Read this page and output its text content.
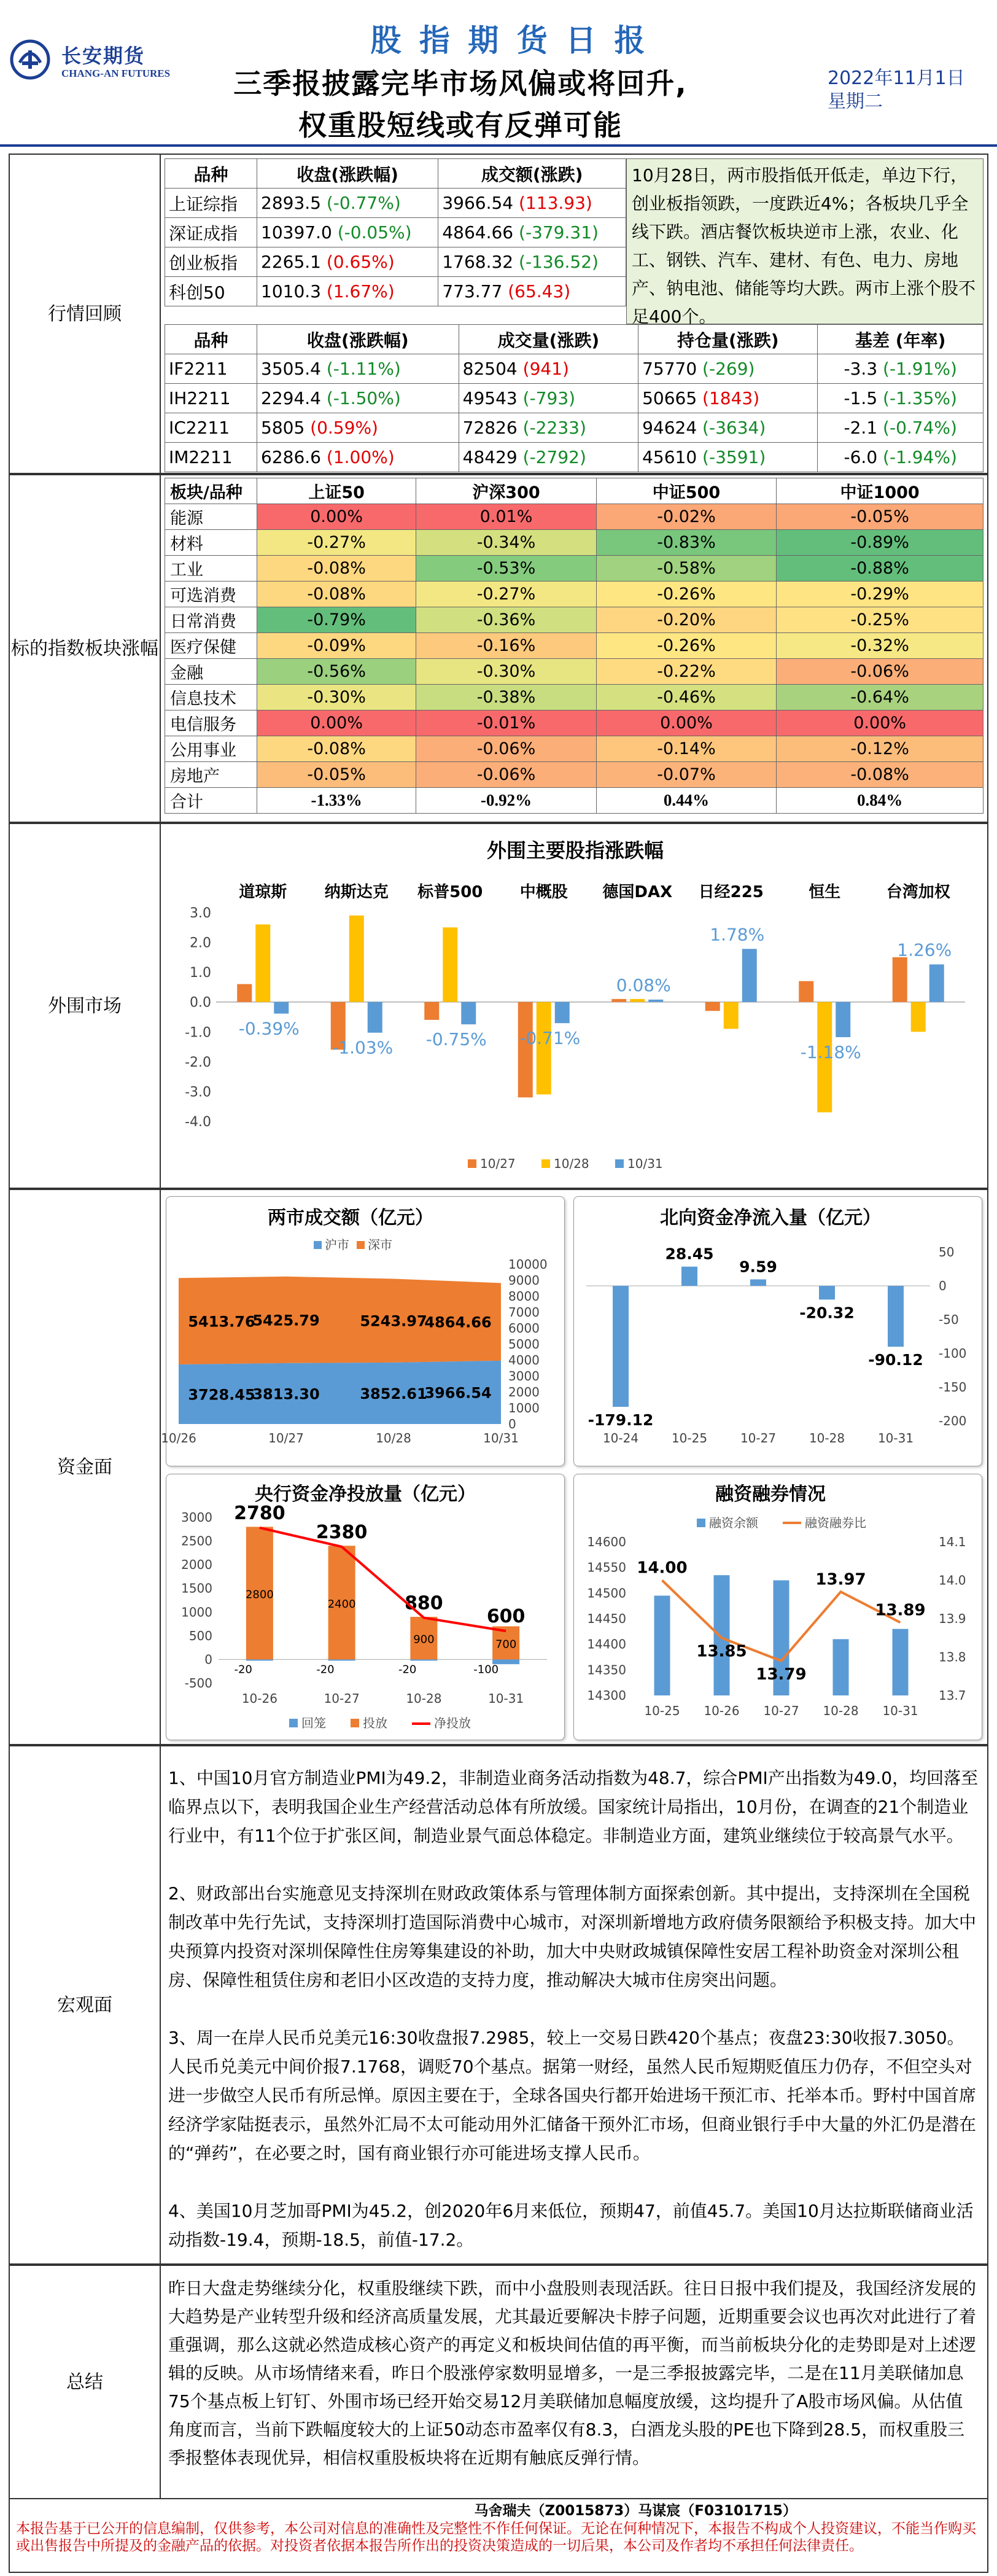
长安期货
CHANG-AN FUTURES
股 指 期 货 日 报
三季报披露完毕市场风偏或将回升,
权重股短线或有反弹可能
2022年11月1日
星期二
行情回顾
品种	收盘(涨跌幅)	成交额(涨跌)
上证综指	2893.5 (-0.77%)	3966.54 (113.93)
深证成指	10397.0 (-0.05%)	4864.66 (-379.31)
创业板指	2265.1 (0.65%)	1768.32 (-136.52)
科创50	1010.3 (1.67%)	773.77 (65.43)
10月28日，两市股指低开低走，单边下行，创业板指领跌，一度跌近4%；各板块几乎全线下跌。酒店餐饮板块逆市上涨，农业、化工、钢铁、汽车、建材、有色、电力、房地产、钠电池、储能等均大跌。两市上涨个股不足400个。
品种	收盘(涨跌幅)	成交量(涨跌)	持仓量(涨跌)	基差 (年率)
IF2211	3505.4 (-1.11%)	82504 (941)	75770 (-269)	-3.3 (-1.91%)
IH2211	2294.4 (-1.50%)	49543 (-793)	50665 (1843)	-1.5 (-1.35%)
IC2211	5805 (0.59%)	72826 (-2233)	94624 (-3634)	-2.1 (-0.74%)
IM2211	6286.6 (1.00%)	48429 (-2792)	45610 (-3591)	-6.0 (-1.94%)
标的指数板块涨幅
板块/品种	上证50	沪深300	中证500	中证1000
能源	0.00%	0.01%	-0.02%	-0.05%
材料	-0.27%	-0.34%	-0.83%	-0.89%
工业	-0.08%	-0.53%	-0.58%	-0.88%
可选消费	-0.08%	-0.27%	-0.26%	-0.29%
日常消费	-0.79%	-0.36%	-0.20%	-0.25%
医疗保健	-0.09%	-0.16%	-0.26%	-0.32%
金融	-0.56%	-0.30%	-0.22%	-0.06%
信息技术	-0.30%	-0.38%	-0.46%	-0.64%
电信服务	0.00%	-0.01%	0.00%	0.00%
公用事业	-0.08%	-0.06%	-0.14%	-0.12%
房地产	-0.05%	-0.06%	-0.07%	-0.08%
合计	-1.33%	-0.92%	0.44%	0.84%
外围市场
外围主要股指涨跌幅
3.0
2.0
1.0
0.0
-1.0
-2.0
-3.0
-4.0
道琼斯
-0.39%
纳斯达克
-1.03%
标普500
-0.75%
中概股
-0.71%
德国DAX
0.08%
日经225
1.78%
恒生
-1.18%
台湾加权
1.26%
10/27	10/28	10/31
资金面
两市成交额（亿元）
沪市 深市
10000
9000
8000
7000
6000
5000
4000
3000
2000
1000
0
5413.76
3728.45
10/26
5425.79
3813.30
10/27
5243.97
3852.61
10/28
4864.66
3966.54
10/31
北向资金净流入量（亿元）
50
0
-50
-100
-150
-200
-179.12
10-24
28.45
10-25
9.59
10-27
-20.32
10-28
-90.12
10-31
央行资金净投放量（亿元）
3000
2500
2000
1500
1000
500
0
-500
2800
-20
10-26
2780
2400
-20
10-27
2380
900
-20
10-28
880
700
-100
10-31
600
回笼	投放	净投放
融资融券情况
融资余额	融资融券比
14600
14550
14500
14450
14400
14350
14300
14.1
14.0
13.9
13.8
13.7
10-25 10-26 10-27 10-28 10-31
14.00
13.85
13.79
13.97
13.89
宏观面

1、中国10月官方制造业PMI为49.2，非制造业商务活动指数为48.7，综合PMI产出指数为49.0，均回落至临界点以下，表明我国企业生产经营活动总体有所放缓。国家统计局指出，10月份，在调查的21个制造业行业中，有11个位于扩张区间，制造业景气面总体稳定。非制造业方面，建筑业继续位于较高景气水平。

2、财政部出台实施意见支持深圳在财政政策体系与管理体制方面探索创新。其中提出，支持深圳在全国税制改革中先行先试，支持深圳打造国际消费中心城市，对深圳新增地方政府债务限额给予积极支持。加大中央预算内投资对深圳保障性住房筹集建设的补助，加大中央财政城镇保障性安居工程补助资金对深圳公租房、保障性租赁住房和老旧小区改造的支持力度，推动解决大城市住房突出问题。

3、周一在岸人民币兑美元16:30收盘报7.2985，较上一交易日跌420个基点；夜盘23:30收报7.3050。人民币兑美元中间价报7.1768，调贬70个基点。据第一财经，虽然人民币短期贬值压力仍存，不但空头对进一步做空人民币有所忌惮。原因主要在于，全球各国央行都开始进场干预汇市、托举本币。野村中国首席经济学家陆挺表示，虽然外汇局不太可能动用外汇储备干预外汇市场，但商业银行手中大量的外汇仍是潜在的“弹药”，在必要之时，国有商业银行亦可能进场支撑人民币。

4、美国10月芝加哥PMI为45.2，创2020年6月来低位，预期47，前值45.7。美国10月达拉斯联储商业活动指数-19.4，预期-18.5，前值-17.2。

总结
昨日大盘走势继续分化，权重股继续下跌，而中小盘股则表现活跃。往日日报中我们提及，我国经济发展的大趋势是产业转型升级和经济高质量发展，尤其最近要解决卡脖子问题，近期重要会议也再次对此进行了着重强调，那么这就必然造成核心资产的再定义和板块间估值的再平衡，而当前板块分化的走势即是对上述逻辑的反映。从市场情绪来看，昨日个股涨停家数明显增多，一是三季报披露完毕，二是在11月美联储加息75个基点板上钉钉、外围市场已经开始交易12月美联储加息幅度放缓，这均提升了A股市场风偏。从估值角度而言，当前下跌幅度较大的上证50动态市盈率仅有8.3，白酒龙头股的PE也下降到28.5，而权重股三季报整体表现优异，相信权重股板块将在近期有触底反弹行情。
马舍瑞夫（Z0015873）马谋宸（F03101715）
本报告基于已公开的信息编制，仅供参考，本公司对信息的准确性及完整性不作任何保证。无论在何种情况下，本报告不构成个人投资建议，不能当作购买或出售报告中所提及的金融产品的依据。对投资者依据本报告所作出的投资决策造成的一切后果，本公司及作者均不承担任何法律责任。
